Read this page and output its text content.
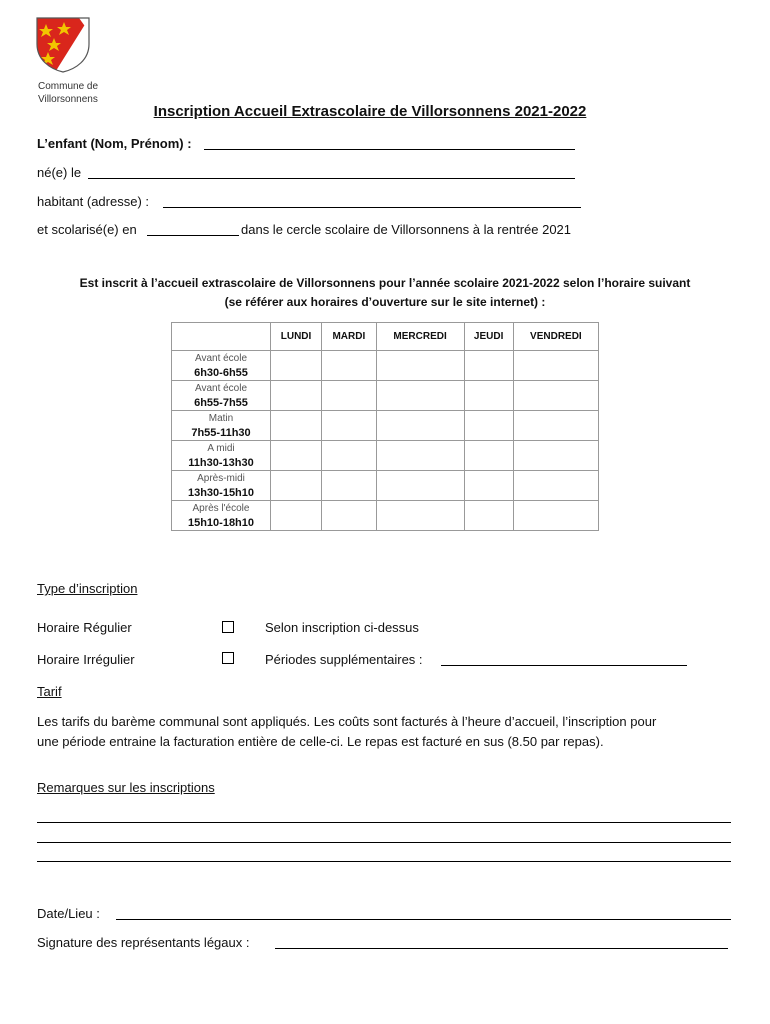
Commune de
Villorsonnens
Inscription Accueil Extrascolaire de Villorsonnens 2021-2022
L’enfant (Nom, Prénom) :
né(e) le
habitant (adresse) :
et scolarisé(e) en	dans le cercle scolaire de Villorsonnens à la rentrée 2021
Est inscrit à l’accueil extrascolaire de Villorsonnens pour l’année scolaire 2021-2022 selon l’horaire suivant
(se référer aux horaires d’ouverture sur le site internet) :
	LUNDI	MARDI	MERCREDI	JEUDI	VENDREDI

Avant école
6h30-6h55					

Avant école
6h55-7h55					

Matin
7h55-11h30					

A midi
11h30-13h30					

Après-midi
13h30-15h10					

Après l'école
15h10-18h10					

Type d’inscription
Horaire Régulier	Selon inscription ci-dessus
Horaire Irrégulier	Périodes supplémentaires :
Tarif
Les tarifs du barème communal sont appliqués. Les coûts sont facturés à l’heure d’accueil, l’inscription pour
une période entraine la facturation entière de celle-ci. Le repas est facturé en sus (8.50 par repas).
Remarques sur les inscriptions
Date/Lieu :
Signature des représentants légaux :
